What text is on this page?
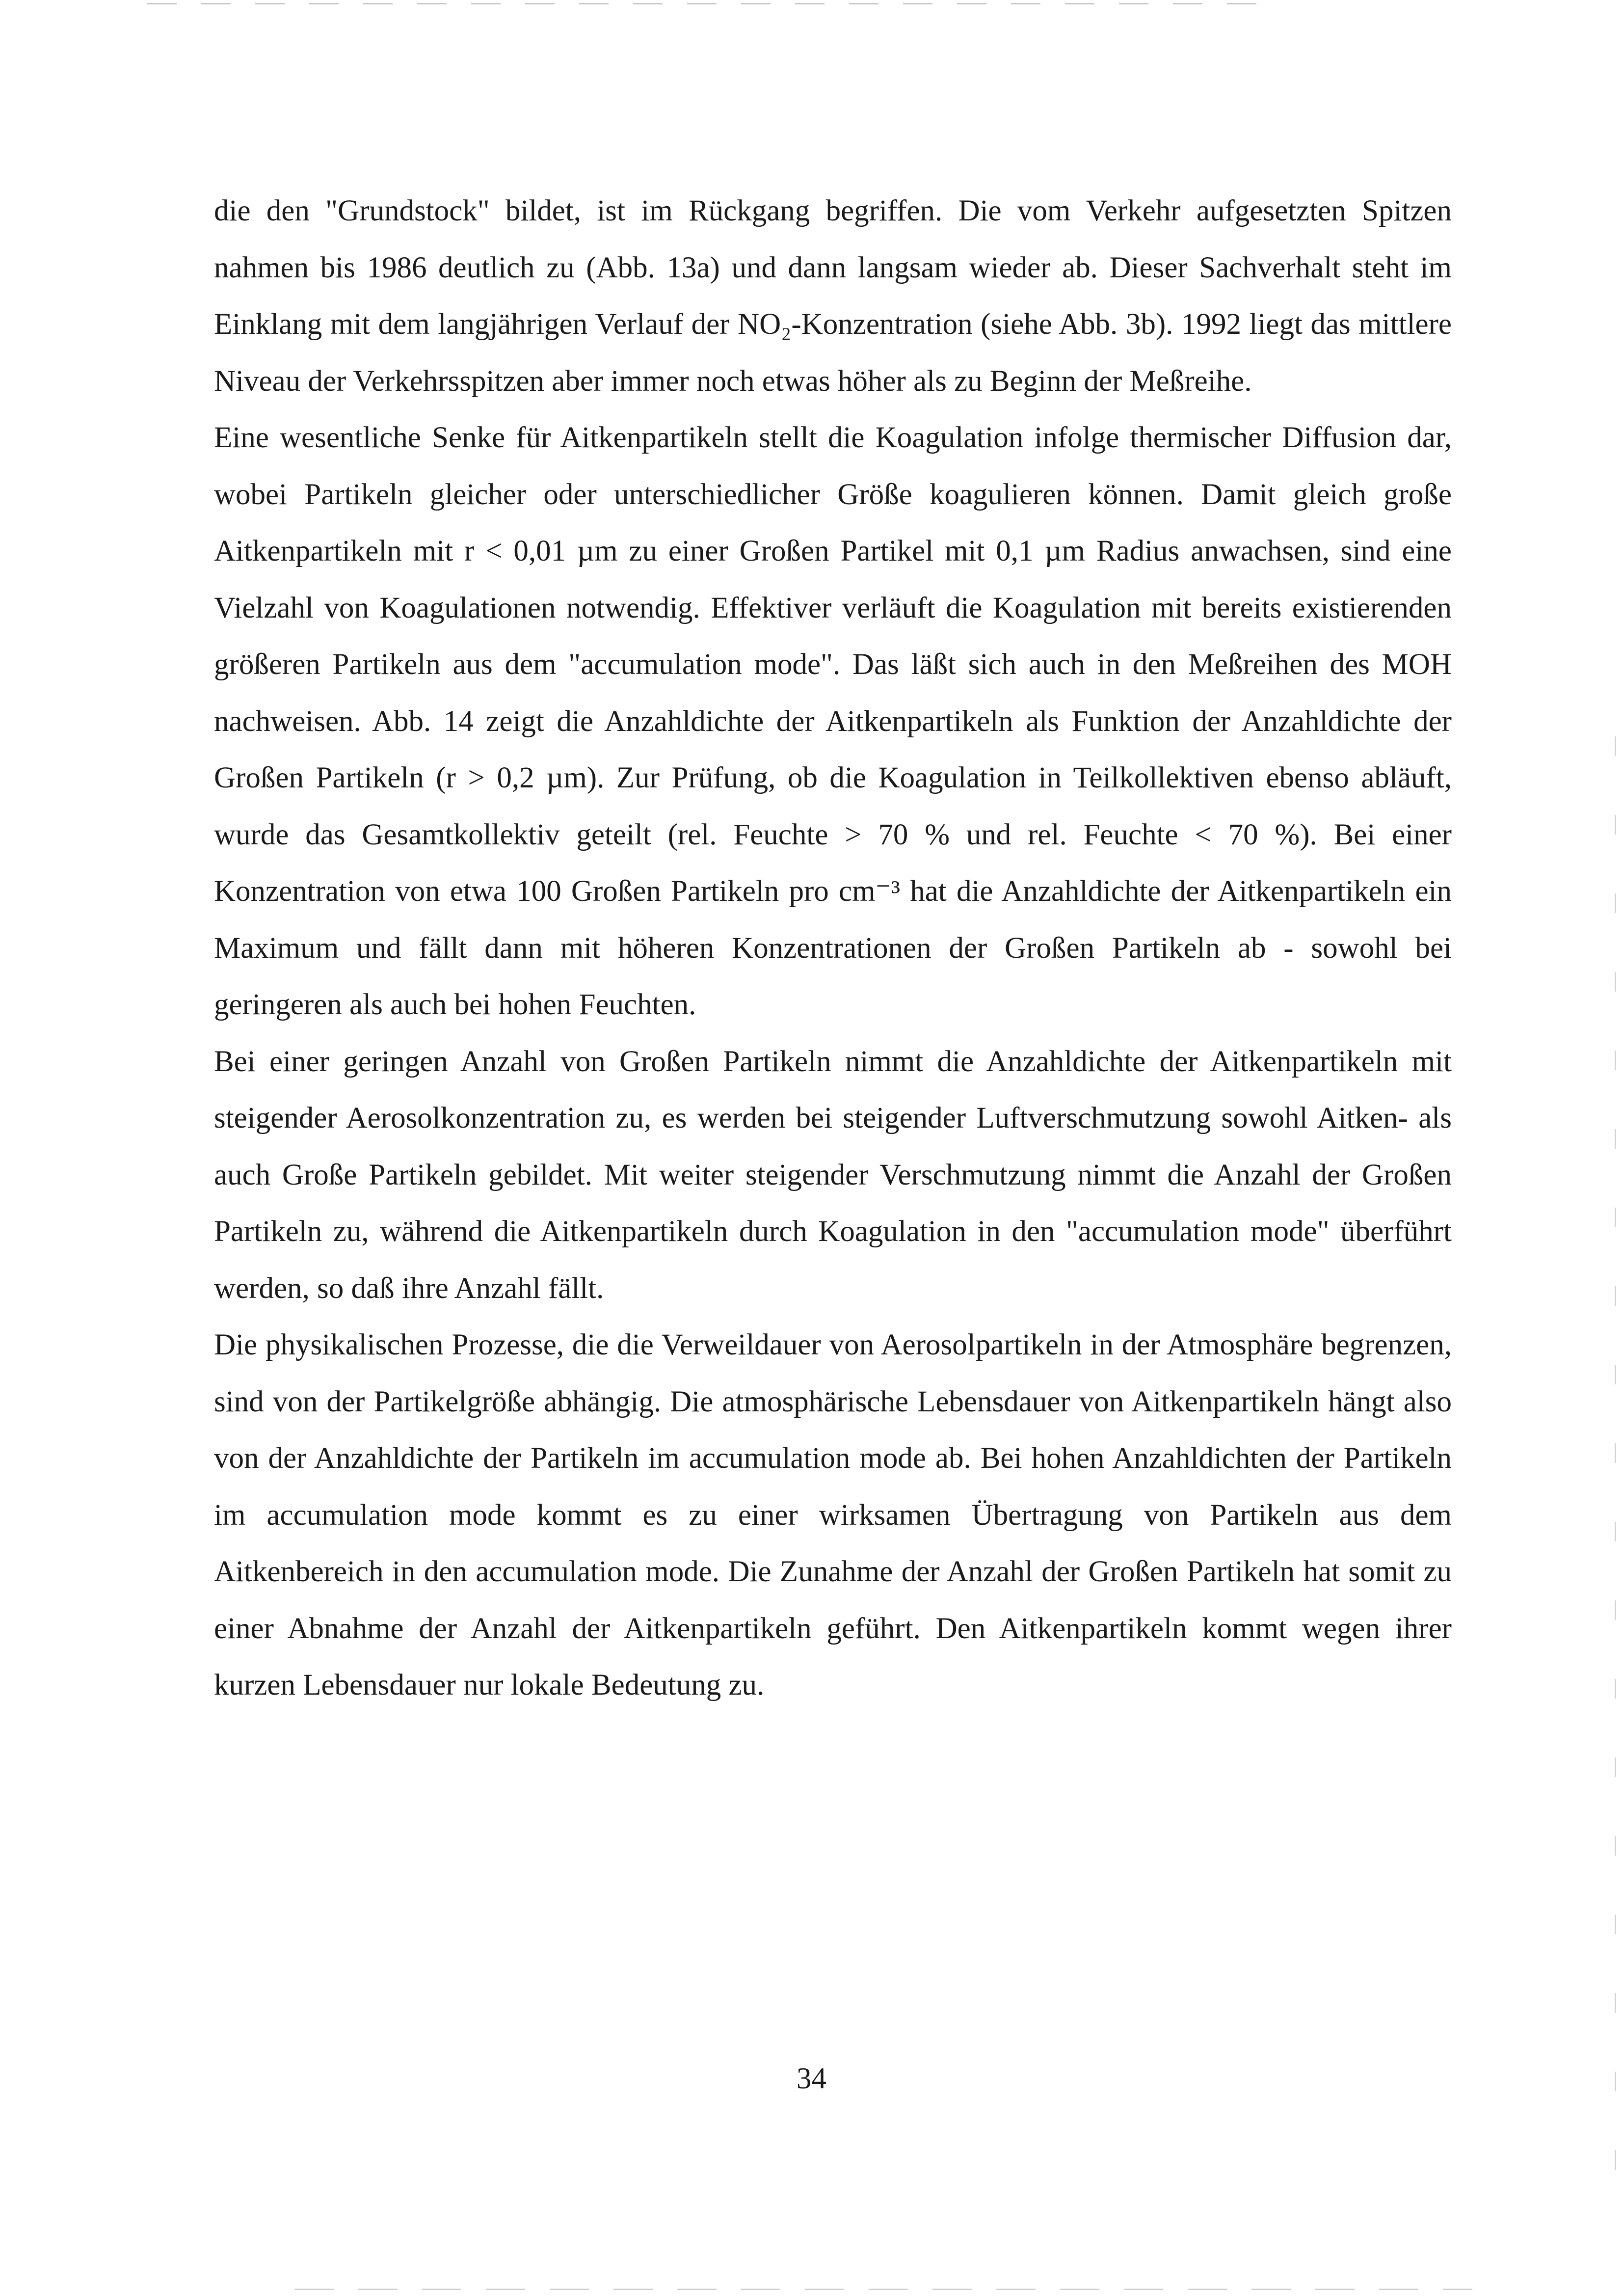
die den "Grundstock" bildet, ist im Rückgang begriffen. Die vom Verkehr aufgesetzten Spitzen nahmen bis 1986 deutlich zu (Abb. 13a) und dann langsam wieder ab. Dieser Sachverhalt steht im Einklang mit dem langjährigen Verlauf der NO₂-Konzentration (siehe Abb. 3b). 1992 liegt das mittlere Niveau der Verkehrsspitzen aber immer noch etwas höher als zu Beginn der Meßreihe.

Eine wesentliche Senke für Aitkenpartikeln stellt die Koagulation infolge thermischer Diffusion dar, wobei Partikeln gleicher oder unterschiedlicher Größe koagulieren können. Damit gleich große Aitkenpartikeln mit r < 0,01 µm zu einer Großen Partikel mit 0,1 µm Radius anwachsen, sind eine Vielzahl von Koagulationen notwendig. Effektiver verläuft die Koagulation mit bereits existierenden größeren Partikeln aus dem "accumulation mode". Das läßt sich auch in den Meßreihen des MOH nachweisen. Abb. 14 zeigt die Anzahldichte der Aitkenpartikeln als Funktion der Anzahldichte der Großen Partikeln (r > 0,2 µm). Zur Prüfung, ob die Koagulation in Teilkollektiven ebenso abläuft, wurde das Gesamtkollektiv geteilt (rel. Feuchte > 70 % und rel. Feuchte < 70 %). Bei einer Konzentration von etwa 100 Großen Partikeln pro cm⁻³ hat die Anzahldichte der Aitkenpartikeln ein Maximum und fällt dann mit höheren Konzentrationen der Großen Partikeln ab - sowohl bei geringeren als auch bei hohen Feuchten.

Bei einer geringen Anzahl von Großen Partikeln nimmt die Anzahldichte der Aitkenpartikeln mit steigender Aerosolkonzentration zu, es werden bei steigender Luftverschmutzung sowohl Aitken- als auch Große Partikeln gebildet. Mit weiter steigender Verschmutzung nimmt die Anzahl der Großen Partikeln zu, während die Aitkenpartikeln durch Koagulation in den "accumulation mode" überführt werden, so daß ihre Anzahl fällt.

Die physikalischen Prozesse, die die Verweildauer von Aerosolpartikeln in der Atmosphäre begrenzen, sind von der Partikelgröße abhängig. Die atmosphärische Lebensdauer von Aitkenpartikeln hängt also von der Anzahldichte der Partikeln im accumulation mode ab. Bei hohen Anzahldichten der Partikeln im accumulation mode kommt es zu einer wirksamen Übertragung von Partikeln aus dem Aitkenbereich in den accumulation mode. Die Zunahme der Anzahl der Großen Partikeln hat somit zu einer Abnahme der Anzahl der Aitkenpartikeln geführt. Den Aitkenpartikeln kommt wegen ihrer kurzen Lebensdauer nur lokale Bedeutung zu.

34
